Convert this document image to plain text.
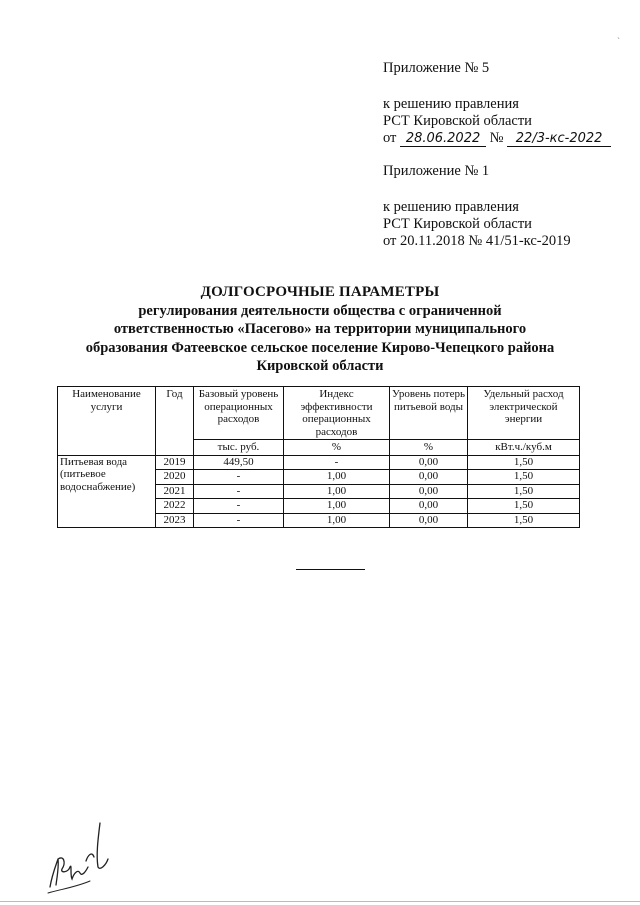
`
Приложение № 5
к решению правления
РСТ Кировской области
от 28.06.2022 № 22/3-кс-2022
Приложение № 1
к решению правления
РСТ Кировской области
от 20.11.2018 № 41/51-кс-2019
ДОЛГОСРОЧНЫЕ ПАРАМЕТРЫ
регулирования деятельности общества с ограниченной
ответственностью «Пасегово» на территории муниципального
образования Фатеевское сельское поселение Кирово-Чепецкого района
Кировской области
Наименование услуги	Год	Базовый уровень операционных расходов	Индекс эффективности операционных расходов	Уровень потерь питьевой воды	Удельный расход электрической энергии
		тыс. руб.	%	%	кВт.ч./куб.м
Питьевая вода (питьевое водоснабжение)	2019	449,50	-	0,00	1,50
	2020	-	1,00	0,00	1,50
	2021	-	1,00	0,00	1,50
	2022	-	1,00	0,00	1,50
	2023	-	1,00	0,00	1,50
